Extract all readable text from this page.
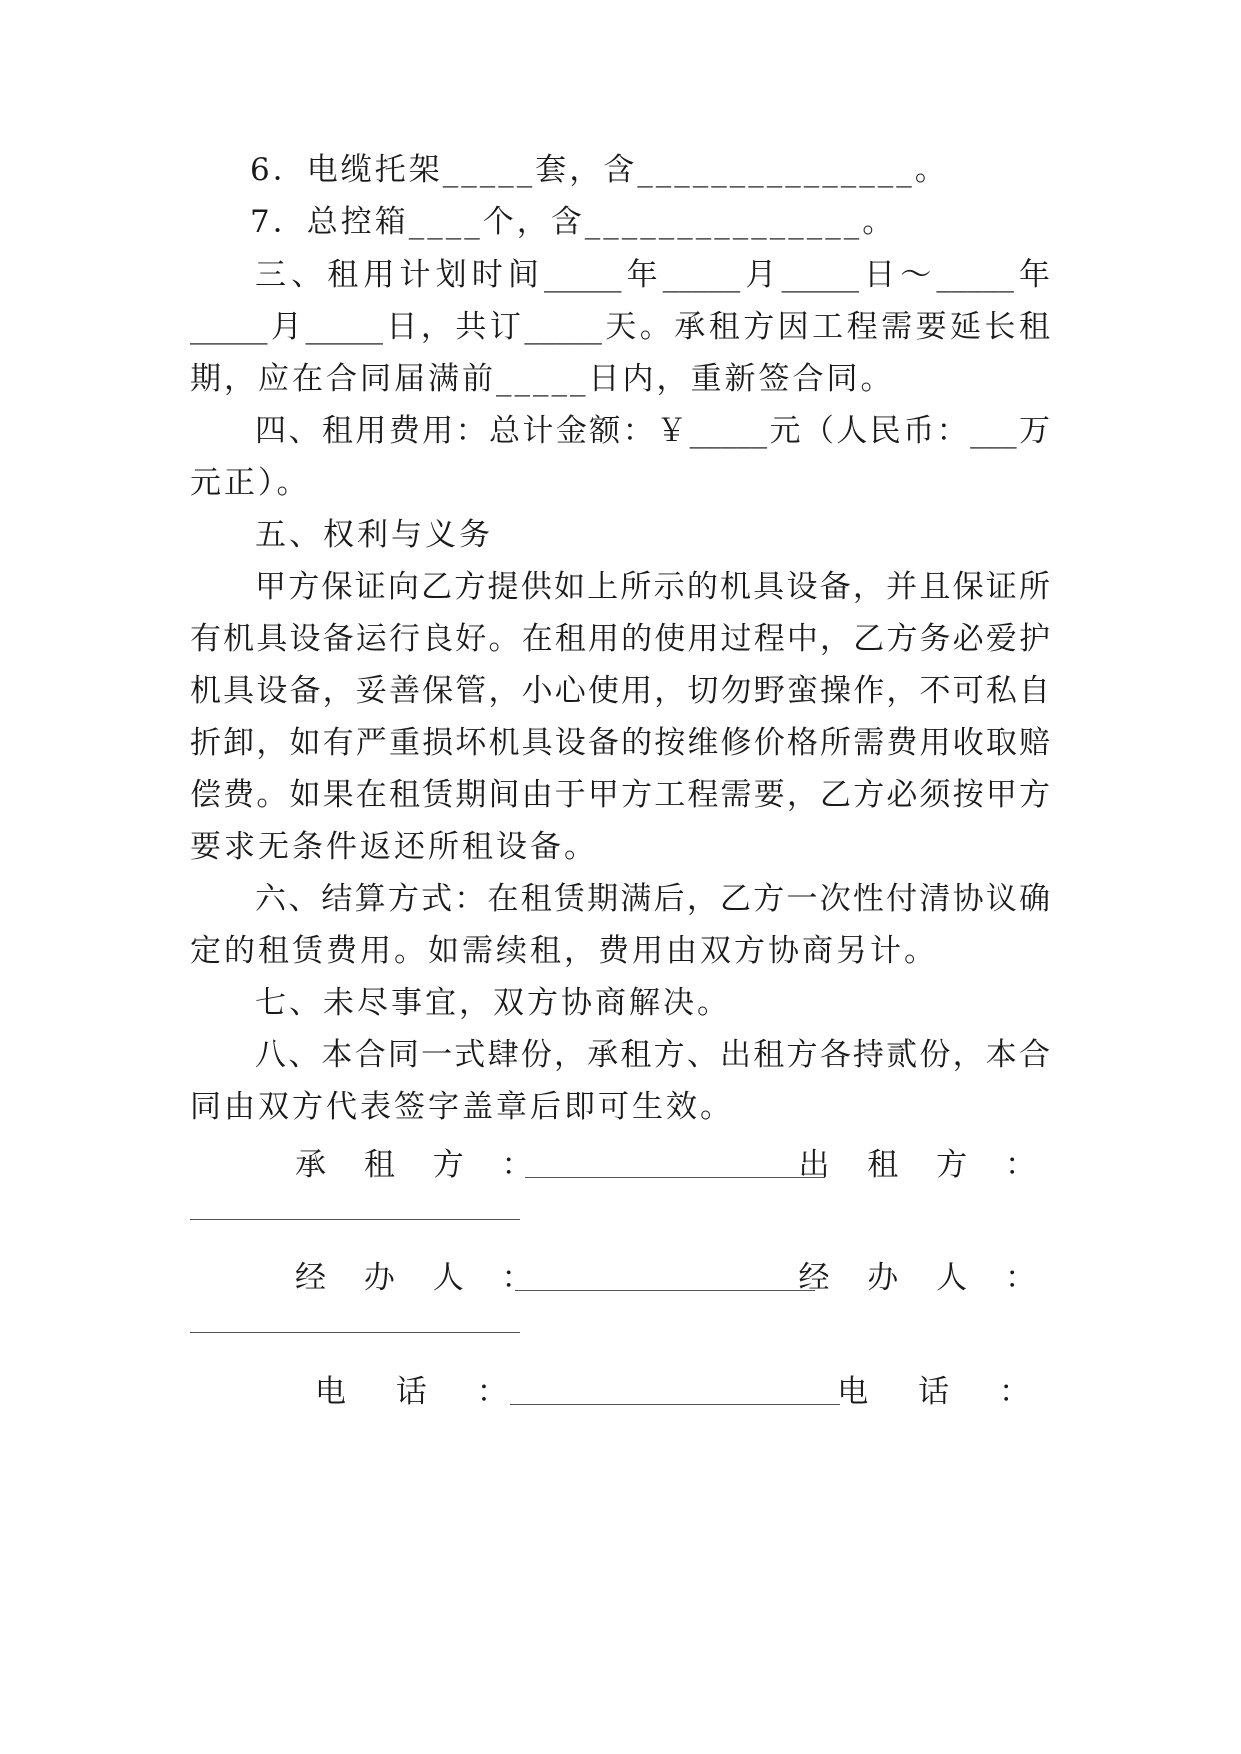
6．电缆托架_____套，含_______________。
7．总控箱____个，含_______________。
三、租用计划时间_____年_____月_____日～_____年
_____月_____日，共订_____天。承租方因工程需要延长租
期，应在合同届满前_____日内，重新签合同。
四、租用费用：总计金额：￥_____元（人民币：___万
元正）。
五、权利与义务
甲方保证向乙方提供如上所示的机具设备，并且保证所
有机具设备运行良好。在租用的使用过程中，乙方务必爱护
机具设备，妥善保管，小心使用，切勿野蛮操作，不可私自
折卸，如有严重损坏机具设备的按维修价格所需费用收取赔
偿费。如果在租赁期间由于甲方工程需要，乙方必须按甲方
要求无条件返还所租设备。
六、结算方式：在租赁期满后，乙方一次性付清协议确
定的租赁费用。如需续租，费用由双方协商另计。
七、未尽事宜，双方协商解决。
八、本合同一式肆份，承租方、出租方各持贰份，本合
同由双方代表签字盖章后即可生效。
承 租 方 ：	出 租 方 ：
经 办 人 ：	经 办 人 ：
电 话 ：	电 话 ：
